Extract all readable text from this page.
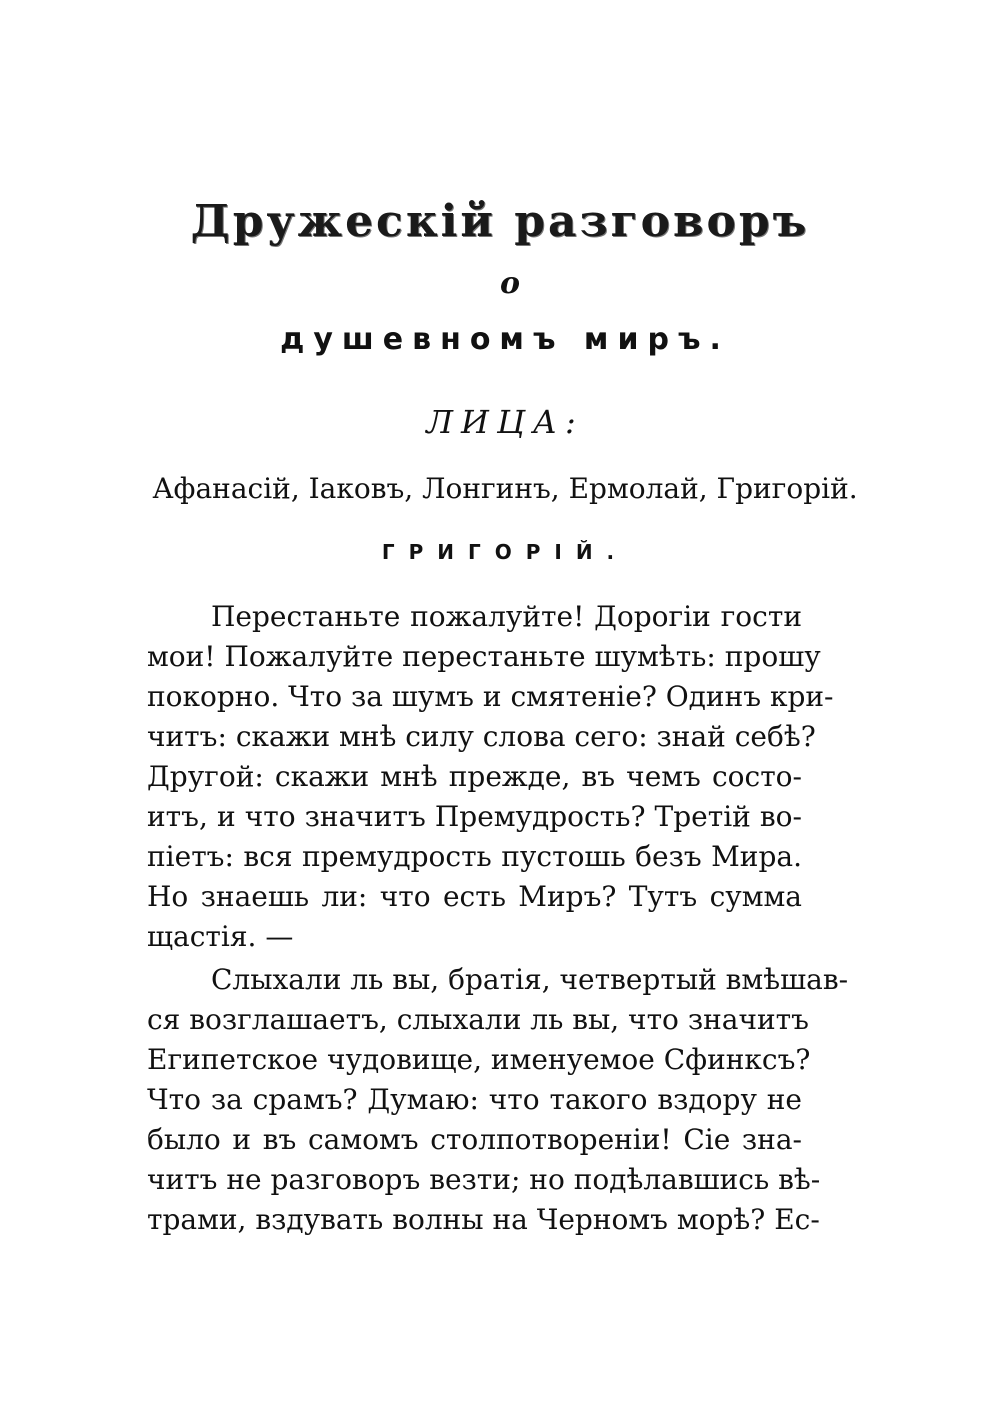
Дружескій разговоръ
о
душевномъ миръ.
ЛИЦА:
Афанасій, Іаковъ, Лонгинъ, Ермолай, Григорій.
ГРИГОРІЙ.
Перестаньте пожалуйте! Дорогіи гости
мои! Пожалуйте перестаньте шумѣть: прошу
покорно. Что за шумъ и смятеніе? Одинъ кри-
читъ: скажи мнѣ силу слова сего: знай себѣ?
Другой: скажи мнѣ прежде, въ чемъ состо-
итъ, и что значитъ Премудрость? Третій во-
піетъ: вся премудрость пустошь безъ Мира.
Но знаешь ли: что есть Миръ? Тутъ сумма
щастія. —
Слыхали ль вы, братія, четвертый вмѣшав-
ся возглашаетъ, слыхали ль вы, что значитъ
Египетское чудовище, именуемое Сфинксъ?
Что за срамъ? Думаю: что такого вздору не
было и въ самомъ столпотвореніи! Сіе зна-
читъ не разговоръ везти; но подѣлавшись вѣ-
трами, вздувать волны на Черномъ морѣ? Ес-
